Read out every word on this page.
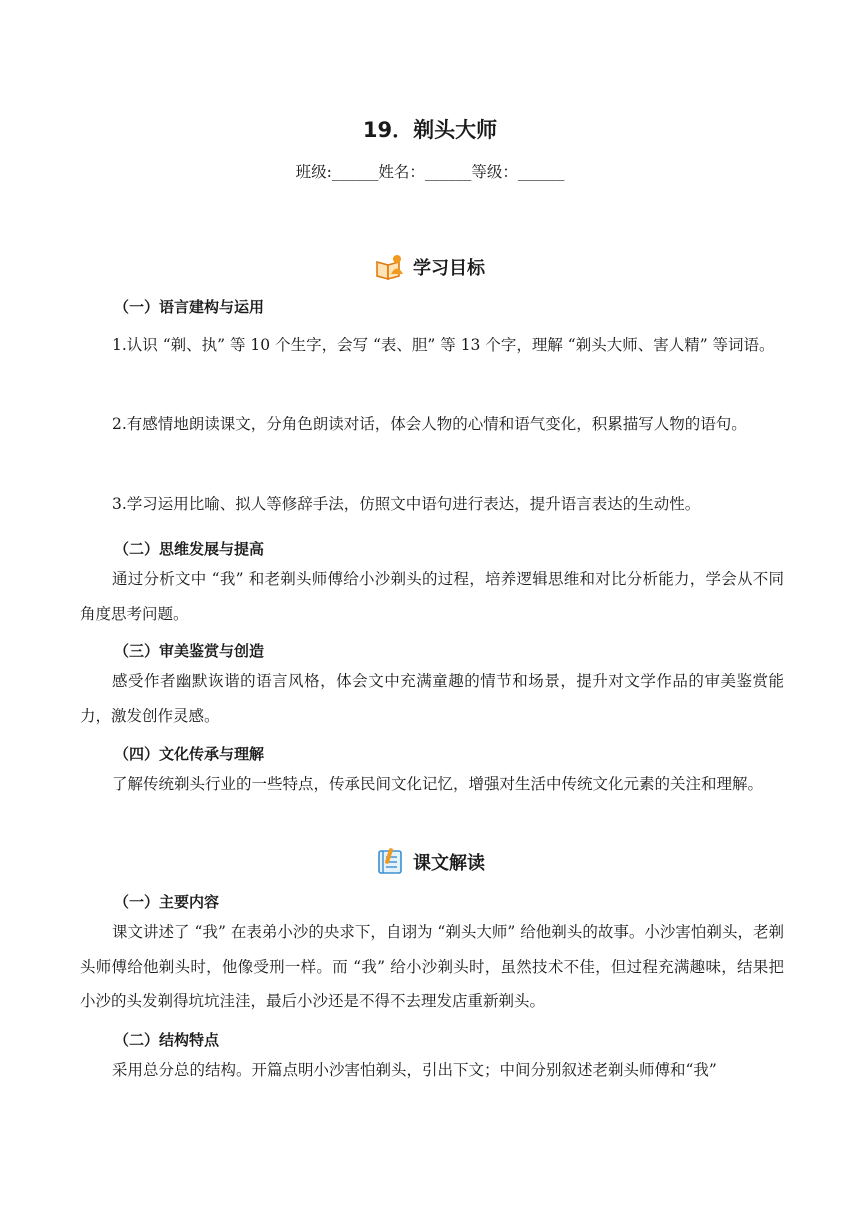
19．剃头大师
班级:______姓名：______等级：______
学习目标
（一）语言建构与运用
1.认识 “剃、执” 等 10 个生字，会写 “表、胆” 等 13 个字，理解 “剃头大师、害人精” 等词语。
2.有感情地朗读课文，分角色朗读对话，体会人物的心情和语气变化，积累描写人物的语句。
3.学习运用比喻、拟人等修辞手法，仿照文中语句进行表达，提升语言表达的生动性。
（二）思维发展与提高
通过分析文中 “我” 和老剃头师傅给小沙剃头的过程，培养逻辑思维和对比分析能力，学会从不同角度思考问题。
（三）审美鉴赏与创造
感受作者幽默诙谐的语言风格，体会文中充满童趣的情节和场景，提升对文学作品的审美鉴赏能力，激发创作灵感。
（四）文化传承与理解
了解传统剃头行业的一些特点，传承民间文化记忆，增强对生活中传统文化元素的关注和理解。
课文解读
（一）主要内容
课文讲述了 “我” 在表弟小沙的央求下，自诩为 “剃头大师” 给他剃头的故事。小沙害怕剃头，老剃头师傅给他剃头时，他像受刑一样。而 “我” 给小沙剃头时，虽然技术不佳，但过程充满趣味，结果把小沙的头发剃得坑坑洼洼，最后小沙还是不得不去理发店重新剃头。
（二）结构特点
采用总分总的结构。开篇点明小沙害怕剃头，引出下文；中间分别叙述老剃头师傅和“我”
